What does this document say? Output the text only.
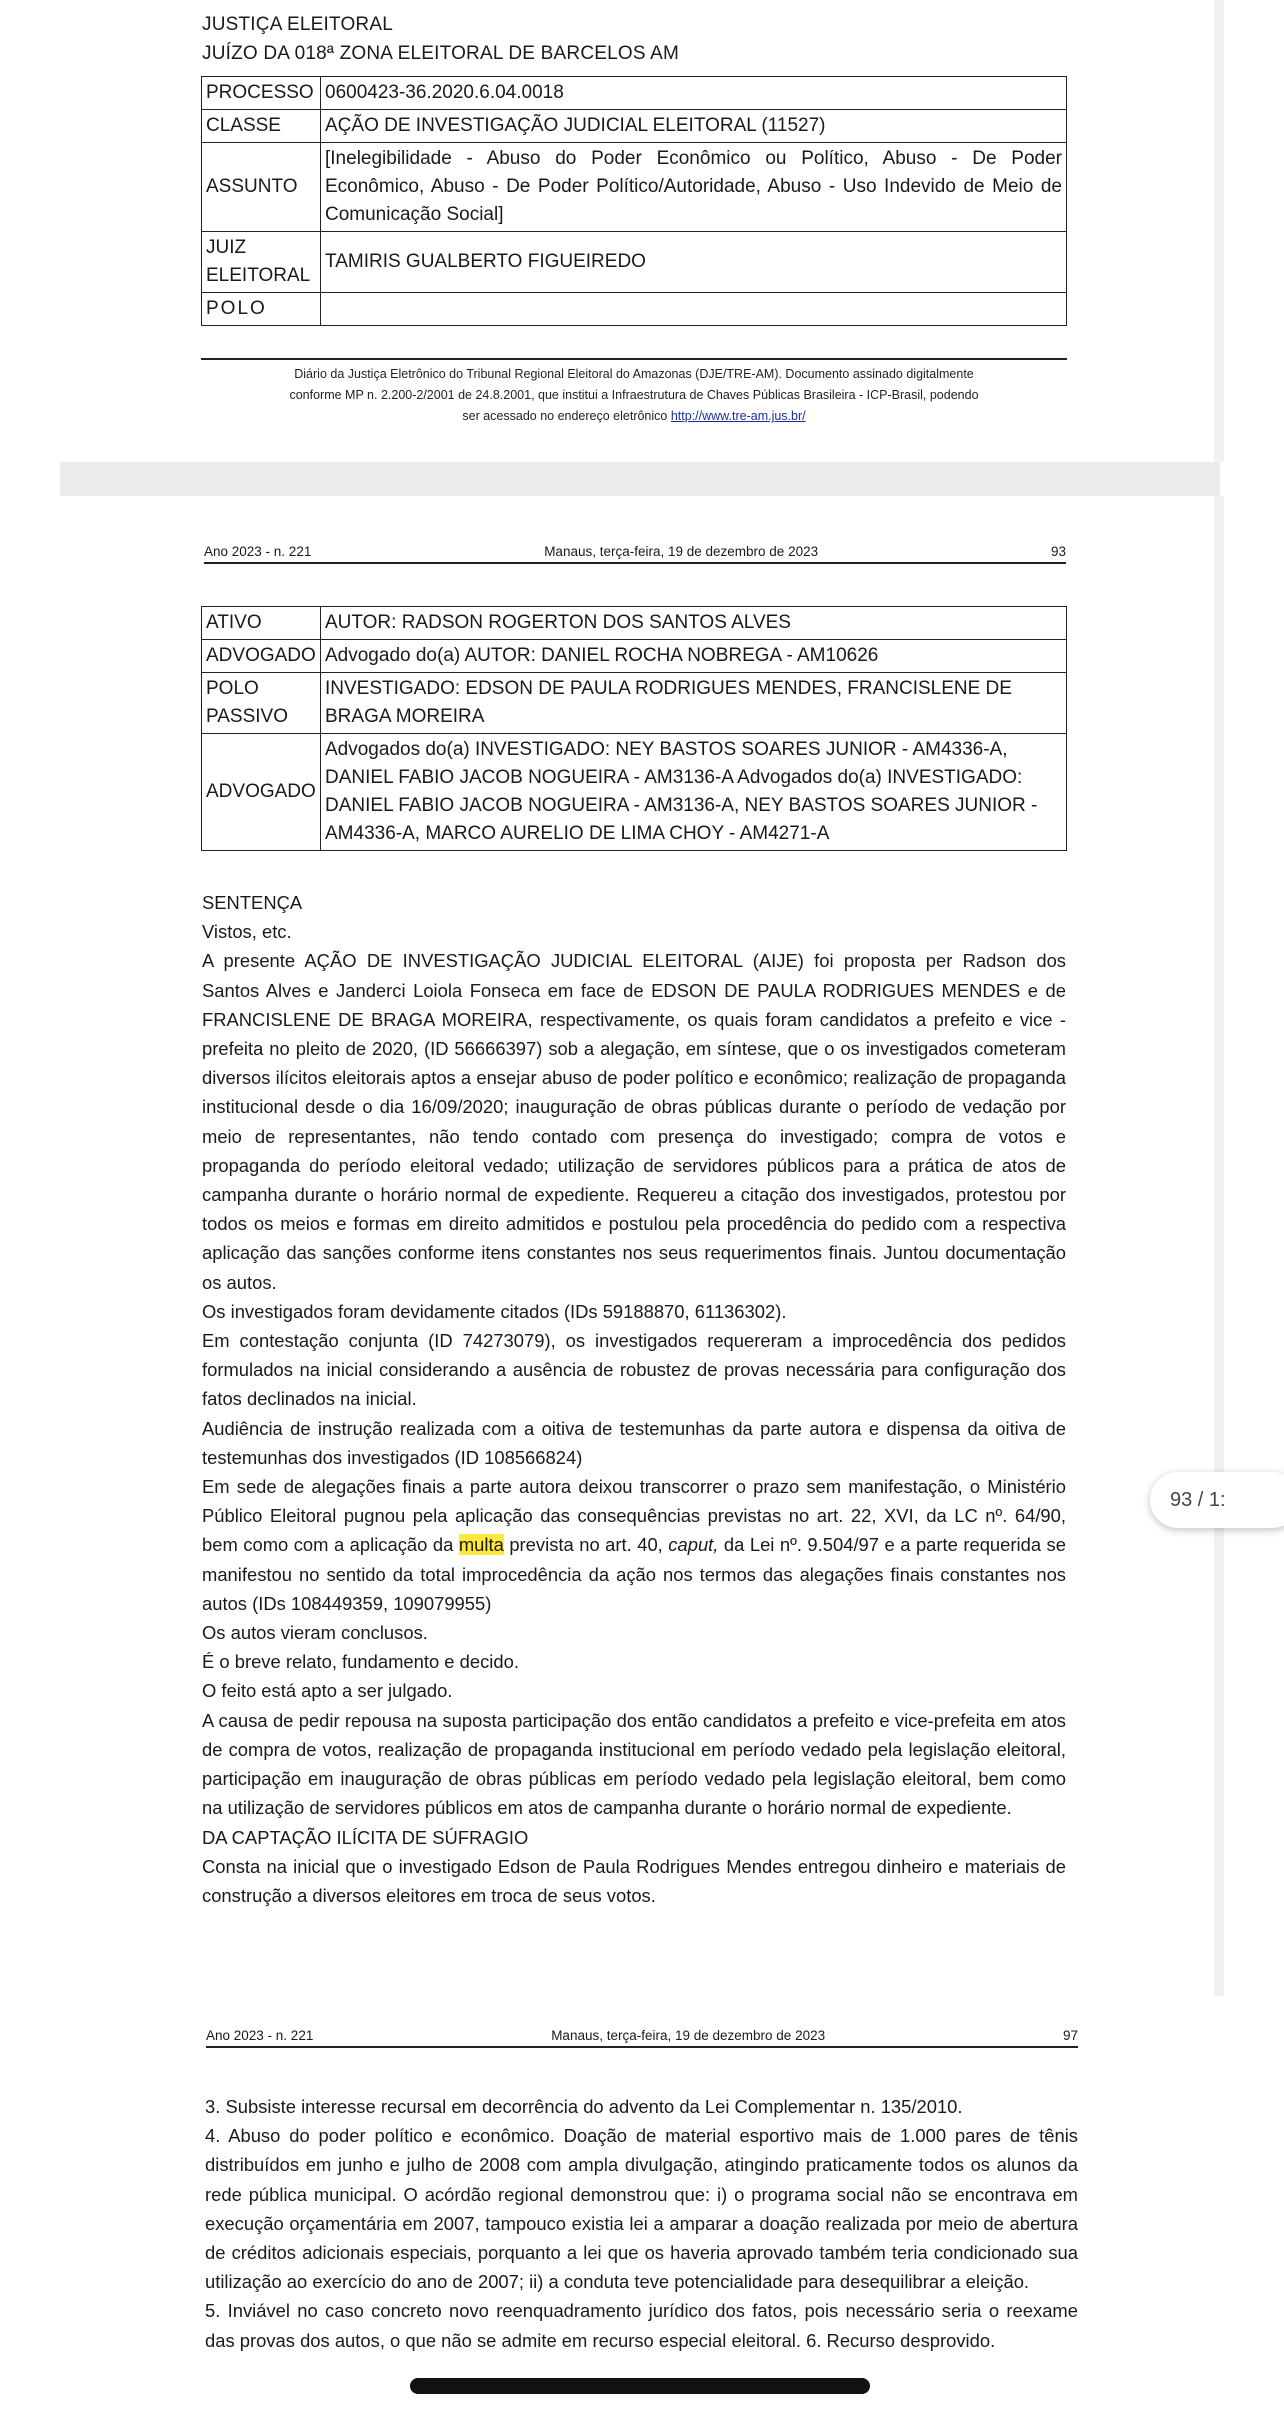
JUSTIÇA ELEITORAL
JUÍZO DA 018ª ZONA ELEITORAL DE BARCELOS AM
PROCESSO	0600423-36.2020.6.04.0018
CLASSE	AÇÃO DE INVESTIGAÇÃO JUDICIAL ELEITORAL (11527)
ASSUNTO	[Inelegibilidade - Abuso do Poder Econômico ou Político, Abuso - De Poder Econômico, Abuso - De Poder Político/Autoridade, Abuso - Uso Indevido de Meio de Comunicação Social]
JUIZ ELEITORAL	TAMIRIS GUALBERTO FIGUEIREDO
POLO	
Diário da Justiça Eletrônico do Tribunal Regional Eleitoral do Amazonas (DJE/TRE-AM). Documento assinado digitalmente
conforme MP n. 2.200-2/2001 de 24.8.2001, que institui a Infraestrutura de Chaves Públicas Brasileira - ICP-Brasil, podendo
ser acessado no endereço eletrônico http://www.tre-am.jus.br/
Ano 2023 - n. 221	Manaus, terça-feira, 19 de dezembro de 2023	93
ATIVO	AUTOR: RADSON ROGERTON DOS SANTOS ALVES
ADVOGADO	Advogado do(a) AUTOR: DANIEL ROCHA NOBREGA - AM10626
POLO PASSIVO	INVESTIGADO: EDSON DE PAULA RODRIGUES MENDES, FRANCISLENE DE BRAGA MOREIRA
ADVOGADO	Advogados do(a) INVESTIGADO: NEY BASTOS SOARES JUNIOR - AM4336-A, DANIEL FABIO JACOB NOGUEIRA - AM3136-A Advogados do(a) INVESTIGADO: DANIEL FABIO JACOB NOGUEIRA - AM3136-A, NEY BASTOS SOARES JUNIOR - AM4336-A, MARCO AURELIO DE LIMA CHOY - AM4271-A

SENTENÇA

Vistos, etc.

A presente AÇÃO DE INVESTIGAÇÃO JUDICIAL ELEITORAL (AIJE) foi proposta per Radson dos Santos Alves e Janderci Loiola Fonseca em face de EDSON DE PAULA RODRIGUES MENDES e de FRANCISLENE DE BRAGA MOREIRA, respectivamente, os quais foram candidatos a prefeito e vice - prefeita no pleito de 2020, (ID 56666397) sob a alegação, em síntese, que o os investigados cometeram diversos ilícitos eleitorais aptos a ensejar abuso de poder político e econômico; realização de propaganda institucional desde o dia 16/09/2020; inauguração de obras públicas durante o período de vedação por meio de representantes, não tendo contado com presença do investigado; compra de votos e propaganda do período eleitoral vedado; utilização de servidores públicos para a prática de atos de campanha durante o horário normal de expediente. Requereu a citação dos investigados, protestou por todos os meios e formas em direito admitidos e postulou pela procedência do pedido com a respectiva aplicação das sanções conforme itens constantes nos seus requerimentos finais. Juntou documentação os autos.

Os investigados foram devidamente citados (IDs 59188870, 61136302).

Em contestação conjunta (ID 74273079), os investigados requereram a improcedência dos pedidos formulados na inicial considerando a ausência de robustez de provas necessária para configuração dos fatos declinados na inicial.

Audiência de instrução realizada com a oitiva de testemunhas da parte autora e dispensa da oitiva de testemunhas dos investigados (ID 108566824)

Em sede de alegações finais a parte autora deixou transcorrer o prazo sem manifestação, o Ministério Público Eleitoral pugnou pela aplicação das consequências previstas no art. 22, XVI, da LC nº. 64/90, bem como com a aplicação da multa prevista no art. 40, caput, da Lei nº. 9.504/97 e a parte requerida se manifestou no sentido da total improcedência da ação nos termos das alegações finais constantes nos autos (IDs 108449359, 109079955)

Os autos vieram conclusos.

É o breve relato, fundamento e decido.

O feito está apto a ser julgado.

A causa de pedir repousa na suposta participação dos então candidatos a prefeito e vice-prefeita em atos de compra de votos, realização de propaganda institucional em período vedado pela legislação eleitoral, participação em inauguração de obras públicas em período vedado pela legislação eleitoral, bem como na utilização de servidores públicos em atos de campanha durante o horário normal de expediente.

DA CAPTAÇÃO ILÍCITA DE SÚFRAGIO

Consta na inicial que o investigado Edson de Paula Rodrigues Mendes entregou dinheiro e materiais de construção a diversos eleitores em troca de seus votos.

Ano 2023 - n. 221	Manaus, terça-feira, 19 de dezembro de 2023	97

3. Subsiste interesse recursal em decorrência do advento da Lei Complementar n. 135/2010.

4. Abuso do poder político e econômico. Doação de material esportivo mais de 1.000 pares de tênis distribuídos em junho e julho de 2008 com ampla divulgação, atingindo praticamente todos os alunos da rede pública municipal. O acórdão regional demonstrou que: i) o programa social não se encontrava em execução orçamentária em 2007, tampouco existia lei a amparar a doação realizada por meio de abertura de créditos adicionais especiais, porquanto a lei que os haveria aprovado também teria condicionado sua utilização ao exercício do ano de 2007; ii) a conduta teve potencialidade para desequilibrar a eleição.

5. Inviável no caso concreto novo reenquadramento jurídico dos fatos, pois necessário seria o reexame das provas dos autos, o que não se admite em recurso especial eleitoral. 6. Recurso desprovido.

93 / 1:
